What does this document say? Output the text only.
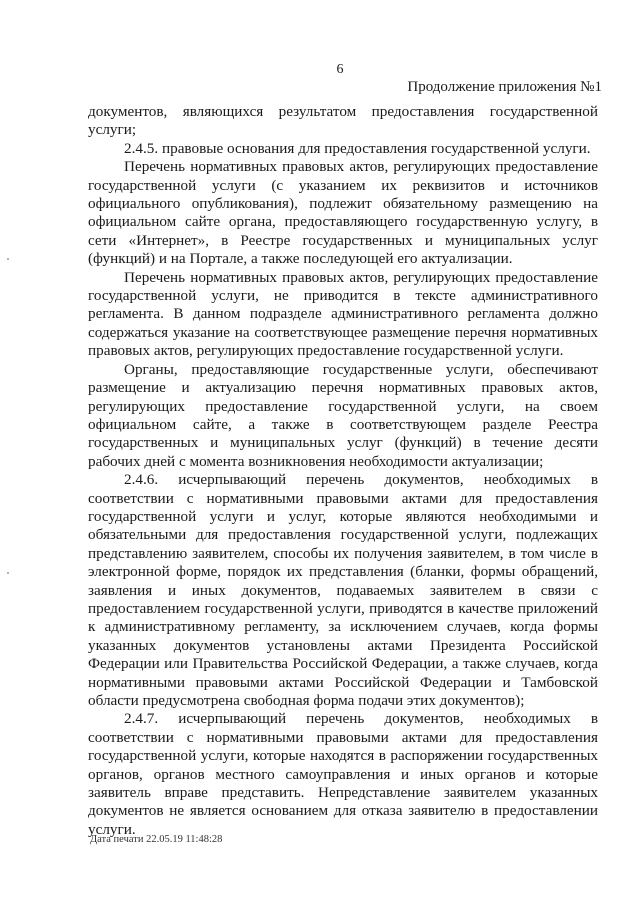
6
Продолжение приложения №1

документов, являющихся результатом предоставления государственной услуги;

2.4.5. правовые основания для предоставления государственной услуги.

Перечень нормативных правовых актов, регулирующих предоставление государственной услуги (с указанием их реквизитов и источников официального опубликования), подлежит обязательному размещению на официальном сайте органа, предоставляющего государственную услугу, в сети «Интернет», в Реестре государственных и муниципальных услуг (функций) и на Портале, а также последующей его актуализации.

Перечень нормативных правовых актов, регулирующих предоставление государственной услуги, не приводится в тексте административного регламента. В данном подразделе административного регламента должно содержаться указание на соответствующее размещение перечня нормативных правовых актов, регулирующих предоставление государственной услуги.

Органы, предоставляющие государственные услуги, обеспечивают размещение и актуализацию перечня нормативных правовых актов, регулирующих предоставление государственной услуги, на своем официальном сайте, а также в соответствующем разделе Реестра государственных и муниципальных услуг (функций) в течение десяти рабочих дней с момента возникновения необходимости актуализации;

2.4.6. исчерпывающий перечень документов, необходимых в соответствии с нормативными правовыми актами для предоставления государственной услуги и услуг, которые являются необходимыми и обязательными для предоставления государственной услуги, подлежащих представлению заявителем, способы их получения заявителем, в том числе в электронной форме, порядок их представления (бланки, формы обращений, заявления и иных документов, подаваемых заявителем в связи с предоставлением государственной услуги, приводятся в качестве приложений к административному регламенту, за исключением случаев, когда формы указанных документов установлены актами Президента Российской Федерации или Правительства Российской Федерации, а также случаев, когда нормативными правовыми актами Российской Федерации и Тамбовской области предусмотрена свободная форма подачи этих документов);

2.4.7. исчерпывающий перечень документов, необходимых в соответствии с нормативными правовыми актами для предоставления государственной услуги, которые находятся в распоряжении государственных органов, органов местного самоуправления и иных органов и которые заявитель вправе представить. Непредставление заявителем указанных документов не является основанием для отказа заявителю в предоставлении услуги.

Дата печати 22.05.19 11:48:28
